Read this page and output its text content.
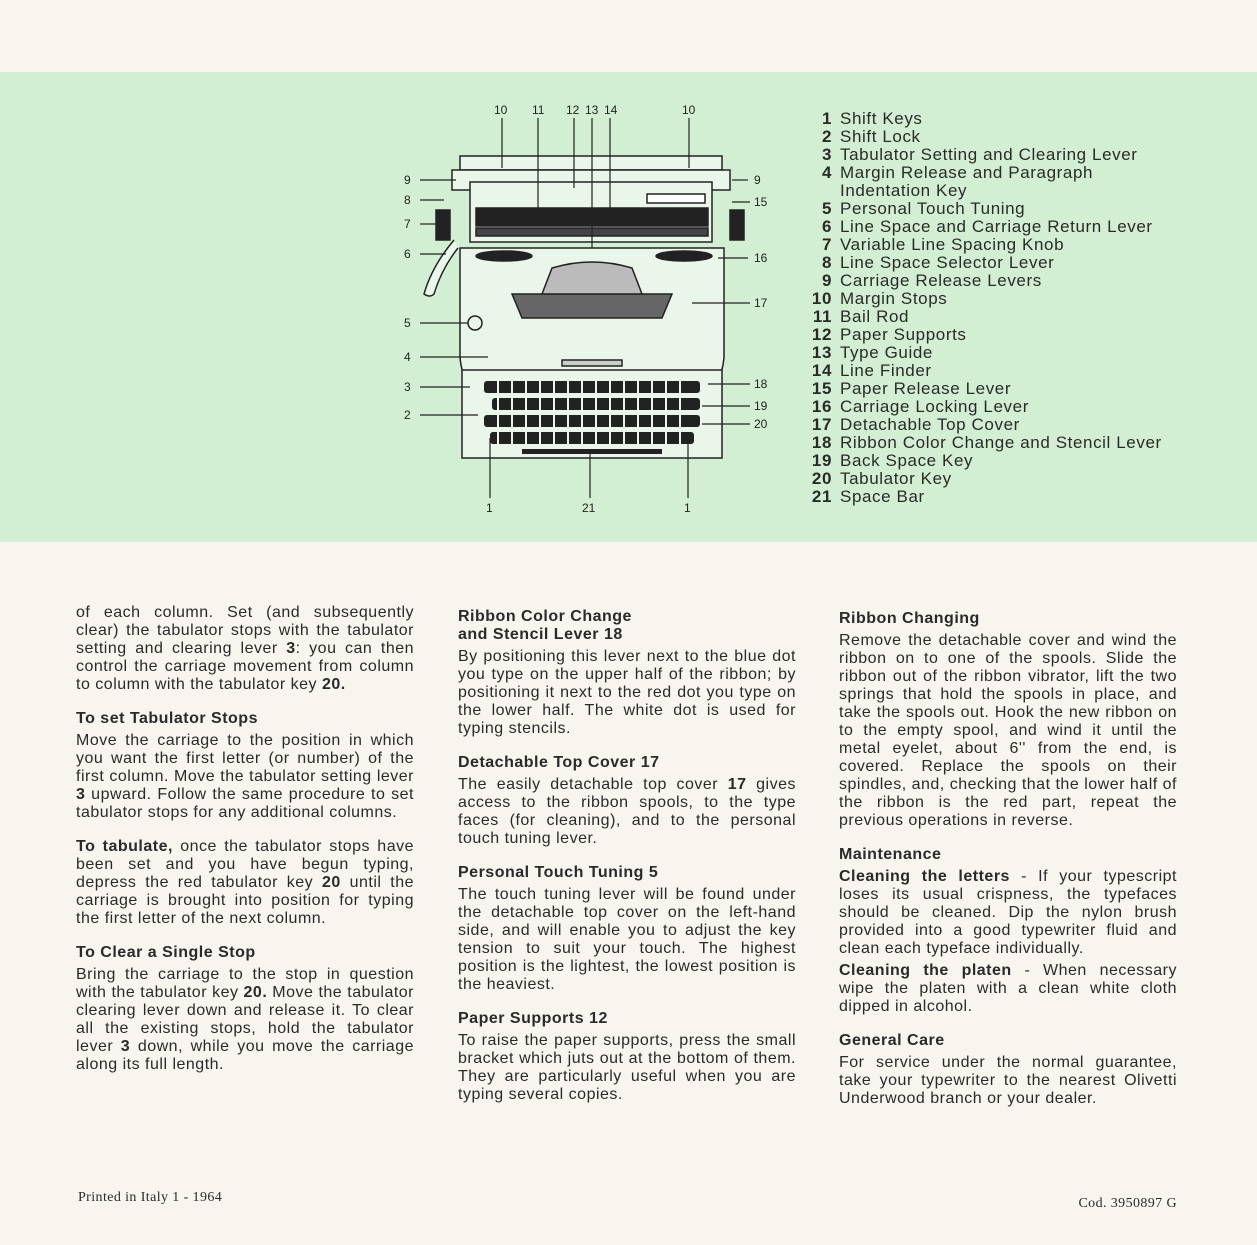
10 11 12 13 14	10
9
8
7
6
5
4
3
2
9
15
16
17
18
19
20
1	21	1
1 Shift Keys
2 Shift Lock
3 Tabulator Setting and Clearing Lever
4 Margin Release and Paragraph
Indentation Key
5 Personal Touch Tuning
6 Line Space and Carriage Return Lever
7 Variable Line Spacing Knob
8 Line Space Selector Lever
9 Carriage Release Levers
10 Margin Stops
11 Bail Rod
12 Paper Supports
13 Type Guide
14 Line Finder
15 Paper Release Lever
16 Carriage Locking Lever
17 Detachable Top Cover
18 Ribbon Color Change and Stencil Lever
19 Back Space Key
20 Tabulator Key
21 Space Bar

of each column. Set (and subsequently clear) the tabulator stops with the tabulator setting and clearing lever 3: you can then control the carriage movement from column to column with the tabulator key 20.

To set Tabulator Stops

Move the carriage to the position in which you want the first letter (or number) of the first column. Move the tabulator setting lever 3 upward. Follow the same procedure to set tabulator stops for any additional columns.

To tabulate, once the tabulator stops have been set and you have begun typing, depress the red tabulator key 20 until the carriage is brought into position for typing the first letter of the next column.

To Clear a Single Stop

Bring the carriage to the stop in question with the tabulator key 20. Move the tabulator clearing lever down and release it. To clear all the existing stops, hold the tabulator lever 3 down, while you move the carriage along its full length.

Ribbon Color Change
and Stencil Lever 18

By positioning this lever next to the blue dot you type on the upper half of the ribbon; by positioning it next to the red dot you type on the lower half. The white dot is used for typing stencils.

Detachable Top Cover 17

The easily detachable top cover 17 gives access to the ribbon spools, to the type faces (for cleaning), and to the personal touch tuning lever.

Personal Touch Tuning 5

The touch tuning lever will be found under the detachable top cover on the left-hand side, and will enable you to adjust the key tension to suit your touch. The highest position is the lightest, the lowest position is the heaviest.

Paper Supports 12

To raise the paper supports, press the small bracket which juts out at the bottom of them. They are particularly useful when you are typing several copies.

Ribbon Changing

Remove the detachable cover and wind the ribbon on to one of the spools. Slide the ribbon out of the ribbon vibrator, lift the two springs that hold the spools in place, and take the spools out. Hook the new ribbon on to the empty spool, and wind it until the metal eyelet, about 6'' from the end, is covered. Replace the spools on their spindles, and, checking that the lower half of the ribbon is the red part, repeat the previous operations in reverse.

Maintenance

Cleaning the letters - If your typescript loses its usual crispness, the typefaces should be cleaned. Dip the nylon brush provided into a good typewriter fluid and clean each typeface individually.

Cleaning the platen - When necessary wipe the platen with a clean white cloth dipped in alcohol.

General Care

For service under the normal guarantee, take your typewriter to the nearest Olivetti Underwood branch or your dealer.

Printed in Italy 1 - 1964	Cod. 3950897 G
